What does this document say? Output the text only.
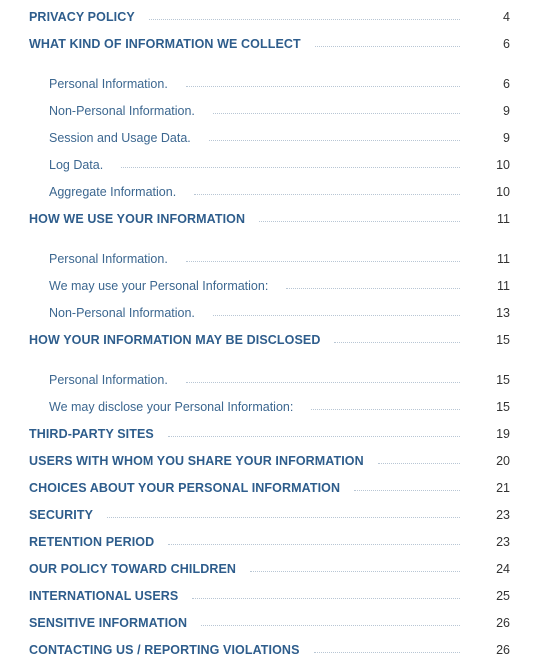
PRIVACY POLICY	4
WHAT KIND OF INFORMATION WE COLLECT	6
Personal Information.	6
Non-Personal Information.	9
Session and Usage Data.	9
Log Data.	10
Aggregate Information.	10
HOW WE USE YOUR INFORMATION	11
Personal Information.	11
We may use your Personal Information:	11
Non-Personal Information.	13
HOW YOUR INFORMATION MAY BE DISCLOSED	15
Personal Information.	15
We may disclose your Personal Information:	15
THIRD-PARTY SITES	19
USERS WITH WHOM YOU SHARE YOUR INFORMATION	20
CHOICES ABOUT YOUR PERSONAL INFORMATION	21
SECURITY	23
RETENTION PERIOD	23
OUR POLICY TOWARD CHILDREN	24
INTERNATIONAL USERS	25
SENSITIVE INFORMATION	26
CONTACTING US / REPORTING VIOLATIONS	26
